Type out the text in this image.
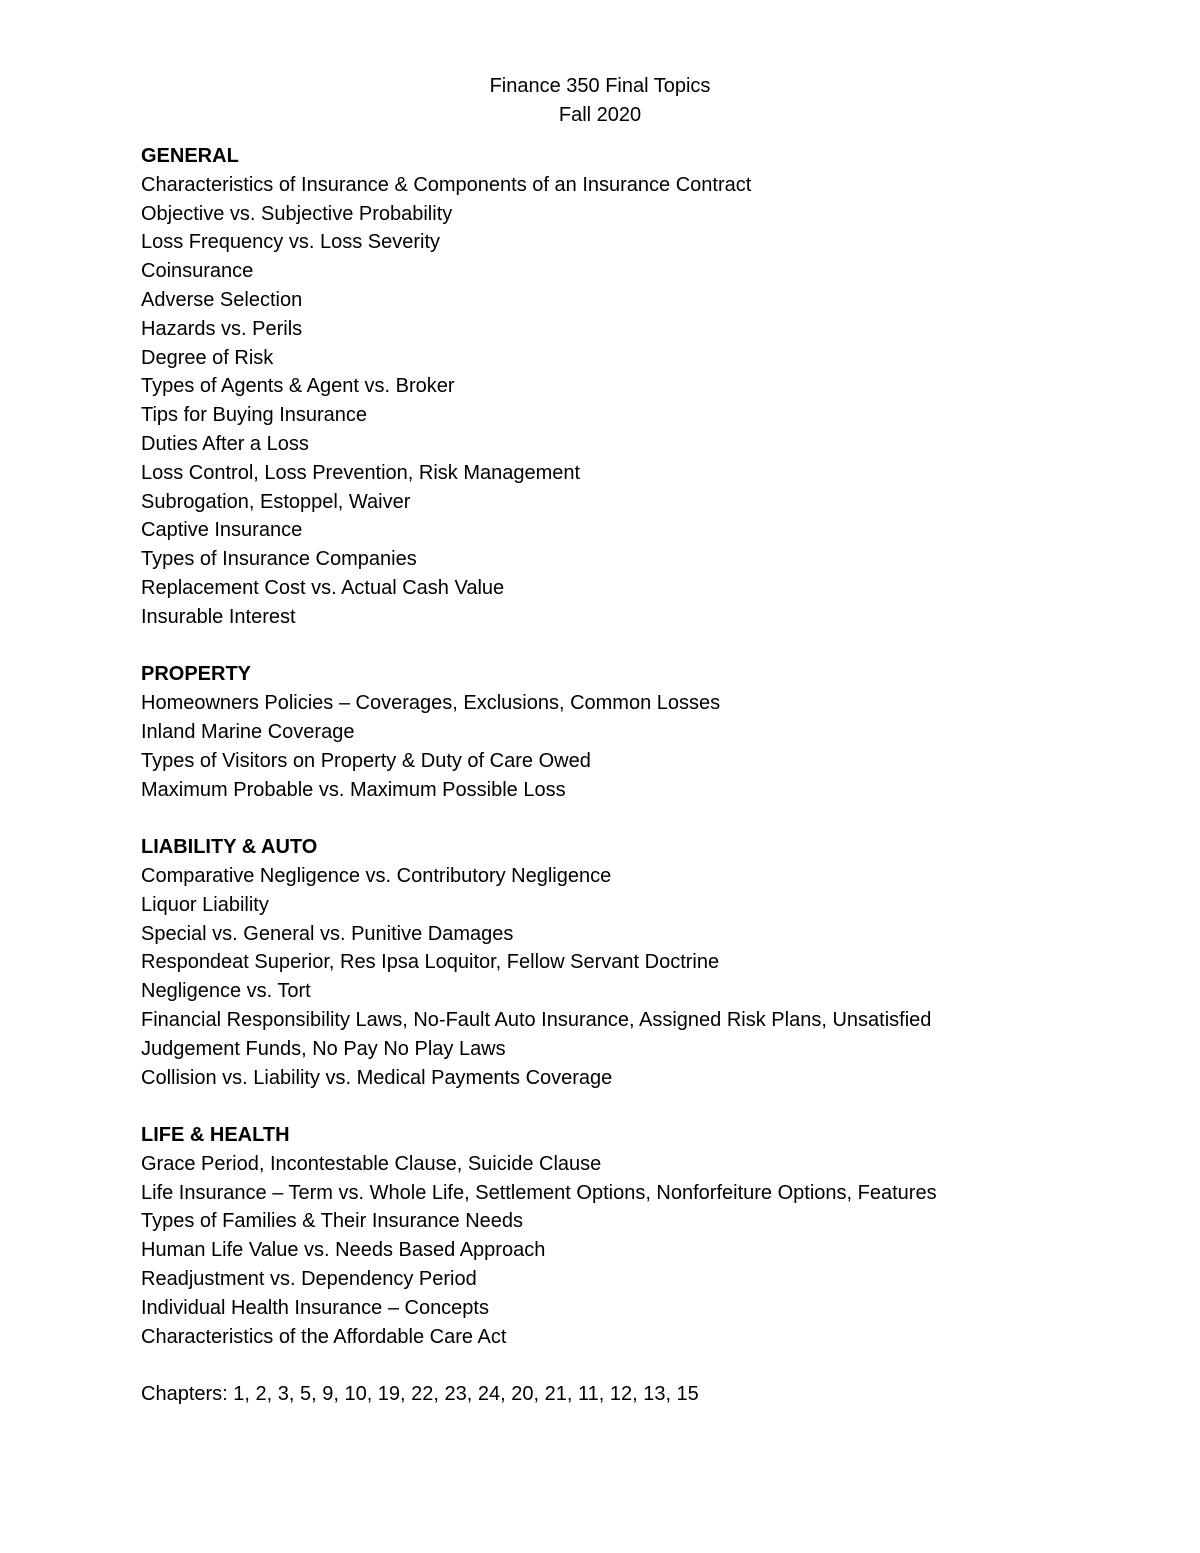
Finance 350 Final Topics
Fall 2020
GENERAL
Characteristics of Insurance & Components of an Insurance Contract
Objective vs. Subjective Probability
Loss Frequency vs. Loss Severity
Coinsurance
Adverse Selection
Hazards vs. Perils
Degree of Risk
Types of Agents & Agent vs. Broker
Tips for Buying Insurance
Duties After a Loss
Loss Control, Loss Prevention, Risk Management
Subrogation, Estoppel, Waiver
Captive Insurance
Types of Insurance Companies
Replacement Cost vs. Actual Cash Value
Insurable Interest
PROPERTY
Homeowners Policies – Coverages, Exclusions, Common Losses
Inland Marine Coverage
Types of Visitors on Property & Duty of Care Owed
Maximum Probable vs. Maximum Possible Loss
LIABILITY & AUTO
Comparative Negligence vs. Contributory Negligence
Liquor Liability
Special vs. General vs. Punitive Damages
Respondeat Superior, Res Ipsa Loquitor, Fellow Servant Doctrine
Negligence vs. Tort
Financial Responsibility Laws, No-Fault Auto Insurance, Assigned Risk Plans, Unsatisfied
Judgement Funds, No Pay No Play Laws
Collision vs. Liability vs. Medical Payments Coverage
LIFE & HEALTH
Grace Period, Incontestable Clause, Suicide Clause
Life Insurance – Term vs. Whole Life, Settlement Options, Nonforfeiture Options, Features
Types of Families & Their Insurance Needs
Human Life Value vs. Needs Based Approach
Readjustment vs. Dependency Period
Individual Health Insurance – Concepts
Characteristics of the Affordable Care Act
Chapters: 1, 2, 3, 5, 9, 10, 19, 22, 23, 24, 20, 21, 11, 12, 13, 15
